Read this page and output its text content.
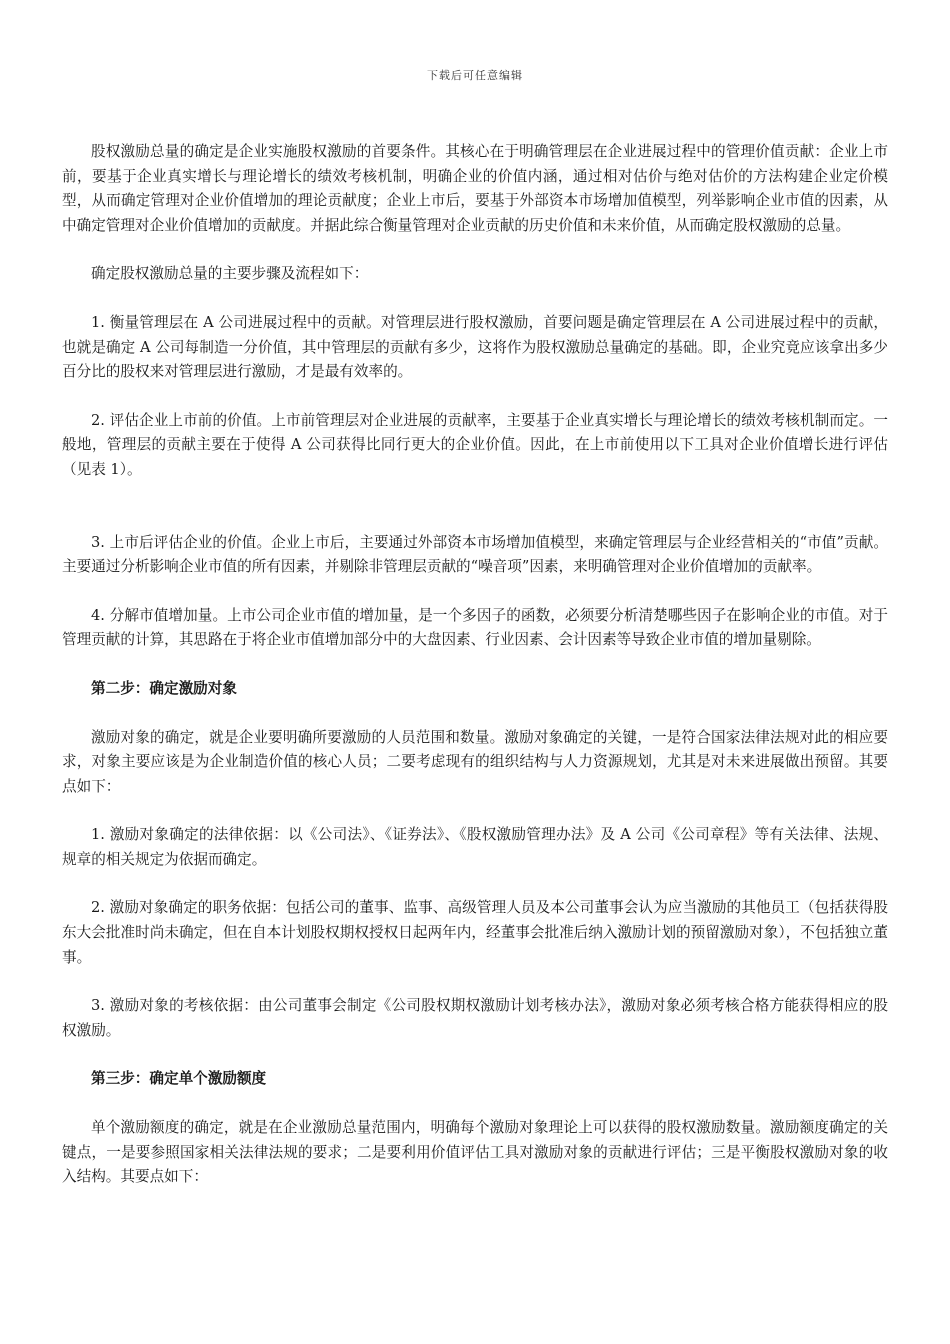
下载后可任意编辑

股权激励总量的确定是企业实施股权激励的首要条件。其核心在于明确管理层在企业进展过程中的管理价值贡献：企业上市前，要基于企业真实增长与理论增长的绩效考核机制，明确企业的价值内涵，通过相对估价与绝对估价的方法构建企业定价模型，从而确定管理对企业价值增加的理论贡献度；企业上市后，要基于外部资本市场增加值模型，列举影响企业市值的因素，从中确定管理对企业价值增加的贡献度。并据此综合衡量管理对企业贡献的历史价值和未来价值，从而确定股权激励的总量。

确定股权激励总量的主要步骤及流程如下：

1. 衡量管理层在 A 公司进展过程中的贡献。对管理层进行股权激励，首要问题是确定管理层在 A 公司进展过程中的贡献，也就是确定 A 公司每制造一分价值，其中管理层的贡献有多少，这将作为股权激励总量确定的基础。即，企业究竟应该拿出多少百分比的股权来对管理层进行激励，才是最有效率的。

2. 评估企业上市前的价值。上市前管理层对企业进展的贡献率，主要基于企业真实增长与理论增长的绩效考核机制而定。一般地，管理层的贡献主要在于使得 A 公司获得比同行更大的企业价值。因此，在上市前使用以下工具对企业价值增长进行评估（见表 1）。

3. 上市后评估企业的价值。企业上市后，主要通过外部资本市场增加值模型，来确定管理层与企业经营相关的“市值”贡献。主要通过分析影响企业市值的所有因素，并剔除非管理层贡献的“噪音项”因素，来明确管理对企业价值增加的贡献率。

4. 分解市值增加量。上市公司企业市值的增加量，是一个多因子的函数，必须要分析清楚哪些因子在影响企业的市值。对于管理贡献的计算，其思路在于将企业市值增加部分中的大盘因素、行业因素、会计因素等导致企业市值的增加量剔除。

第二步：确定激励对象

激励对象的确定，就是企业要明确所要激励的人员范围和数量。激励对象确定的关键，一是符合国家法律法规对此的相应要求，对象主要应该是为企业制造价值的核心人员；二要考虑现有的组织结构与人力资源规划，尤其是对未来进展做出预留。其要点如下：

1. 激励对象确定的法律依据：以《公司法》、《证券法》、《股权激励管理办法》及 A 公司《公司章程》等有关法律、法规、规章的相关规定为依据而确定。

2. 激励对象确定的职务依据：包括公司的董事、监事、高级管理人员及本公司董事会认为应当激励的其他员工（包括获得股东大会批准时尚未确定，但在自本计划股权期权授权日起两年内，经董事会批准后纳入激励计划的预留激励对象），不包括独立董事。

3. 激励对象的考核依据：由公司董事会制定《公司股权期权激励计划考核办法》，激励对象必须考核合格方能获得相应的股权激励。

第三步：确定单个激励额度

单个激励额度的确定，就是在企业激励总量范围内，明确每个激励对象理论上可以获得的股权激励数量。激励额度确定的关键点，一是要参照国家相关法律法规的要求；二是要利用价值评估工具对激励对象的贡献进行评估；三是平衡股权激励对象的收入结构。其要点如下：
